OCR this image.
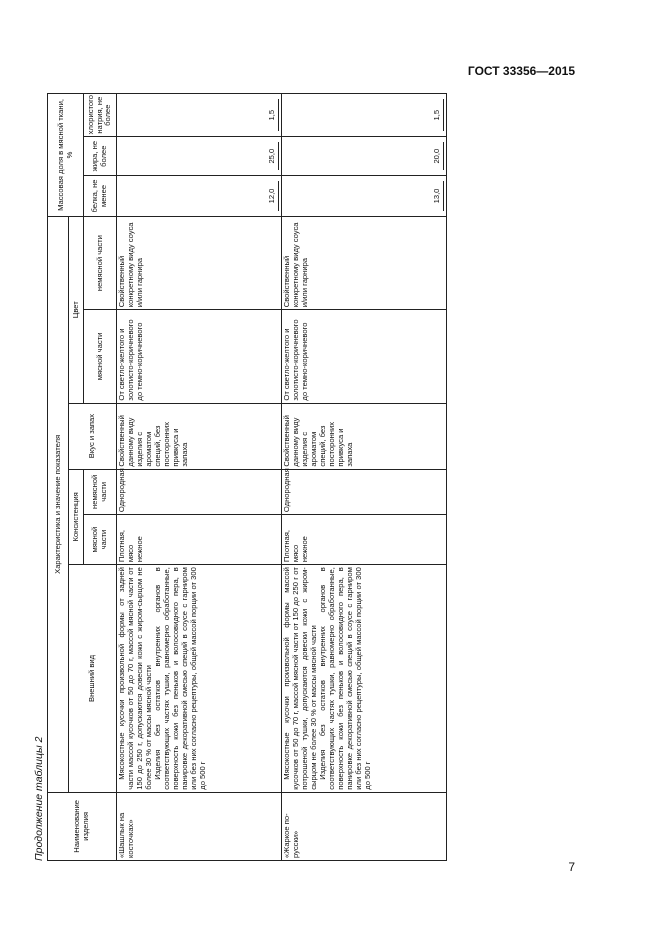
ГОСТ 33356—2015
Продолжение таблицы 2	Наименование изделия	Характеристика и значение показателя						Массовая доля в мясной ткани, %		
	Внешний вид	Консистенция		Вкус и запах	Цвет				
		мясной части	немясной части		мясной части	немясной части	белка, не менее	жира, не более	хлористого натрия, не более
«Шашлык на косточках»	Мясокостные кусочки произвольной формы от задней части массой кусочков от 50 до 70 г, массой мясной части от 150 до 250 г, допускаются довески кожи с жиром-сырцом не более 30 % от массы мясной части Изделия без остатков внутренних органов в соответствующих частях тушки, равномерно обработанные, поверхность кожи без пеньков и волосовидного пера, в панировке декоративной смесью специй в соусе с гарниром или без них согласно рецептуры, общей массой порции от 300 до 500 г	Плотная, мясо нежное	Однородная	Свойственный данному виду изделия с ароматом специй, без посторонних привкуса и запаха	От светло-желтого и золотисто-коричневого до темно-коричневого	Свойственный конкретному виду соуса и/или гарнира	12,0	25,0	1,5

«Жаркое по-русски»	Мясокостные кусочки произвольной формы массой кусочков от 50 до 70 г, массой мясной части от 150 до 250 г от потрошеной тушки, допускаются довески кожи с жиром-сырцом не более 30 % от массы мясной части Изделия без остатков внутренних органов в соответствующих частях тушки, равномерно обработанные, поверхность кожи без пеньков и волосовидного пера, в панировке декоративной смесью специй в соусе с гарниром или без них согласно рецептуры, общей массой порции от 300 до 500 г	Плотная, мясо нежное	Однородная	Свойственный данному виду изделия с ароматом специй, без посторонних привкуса и запаха	От светло-желтого и золотисто-коричневого до темно-коричневого	Свойственный конкретному виду соуса и/или гарнира	13,0	20,0	1,5
7
